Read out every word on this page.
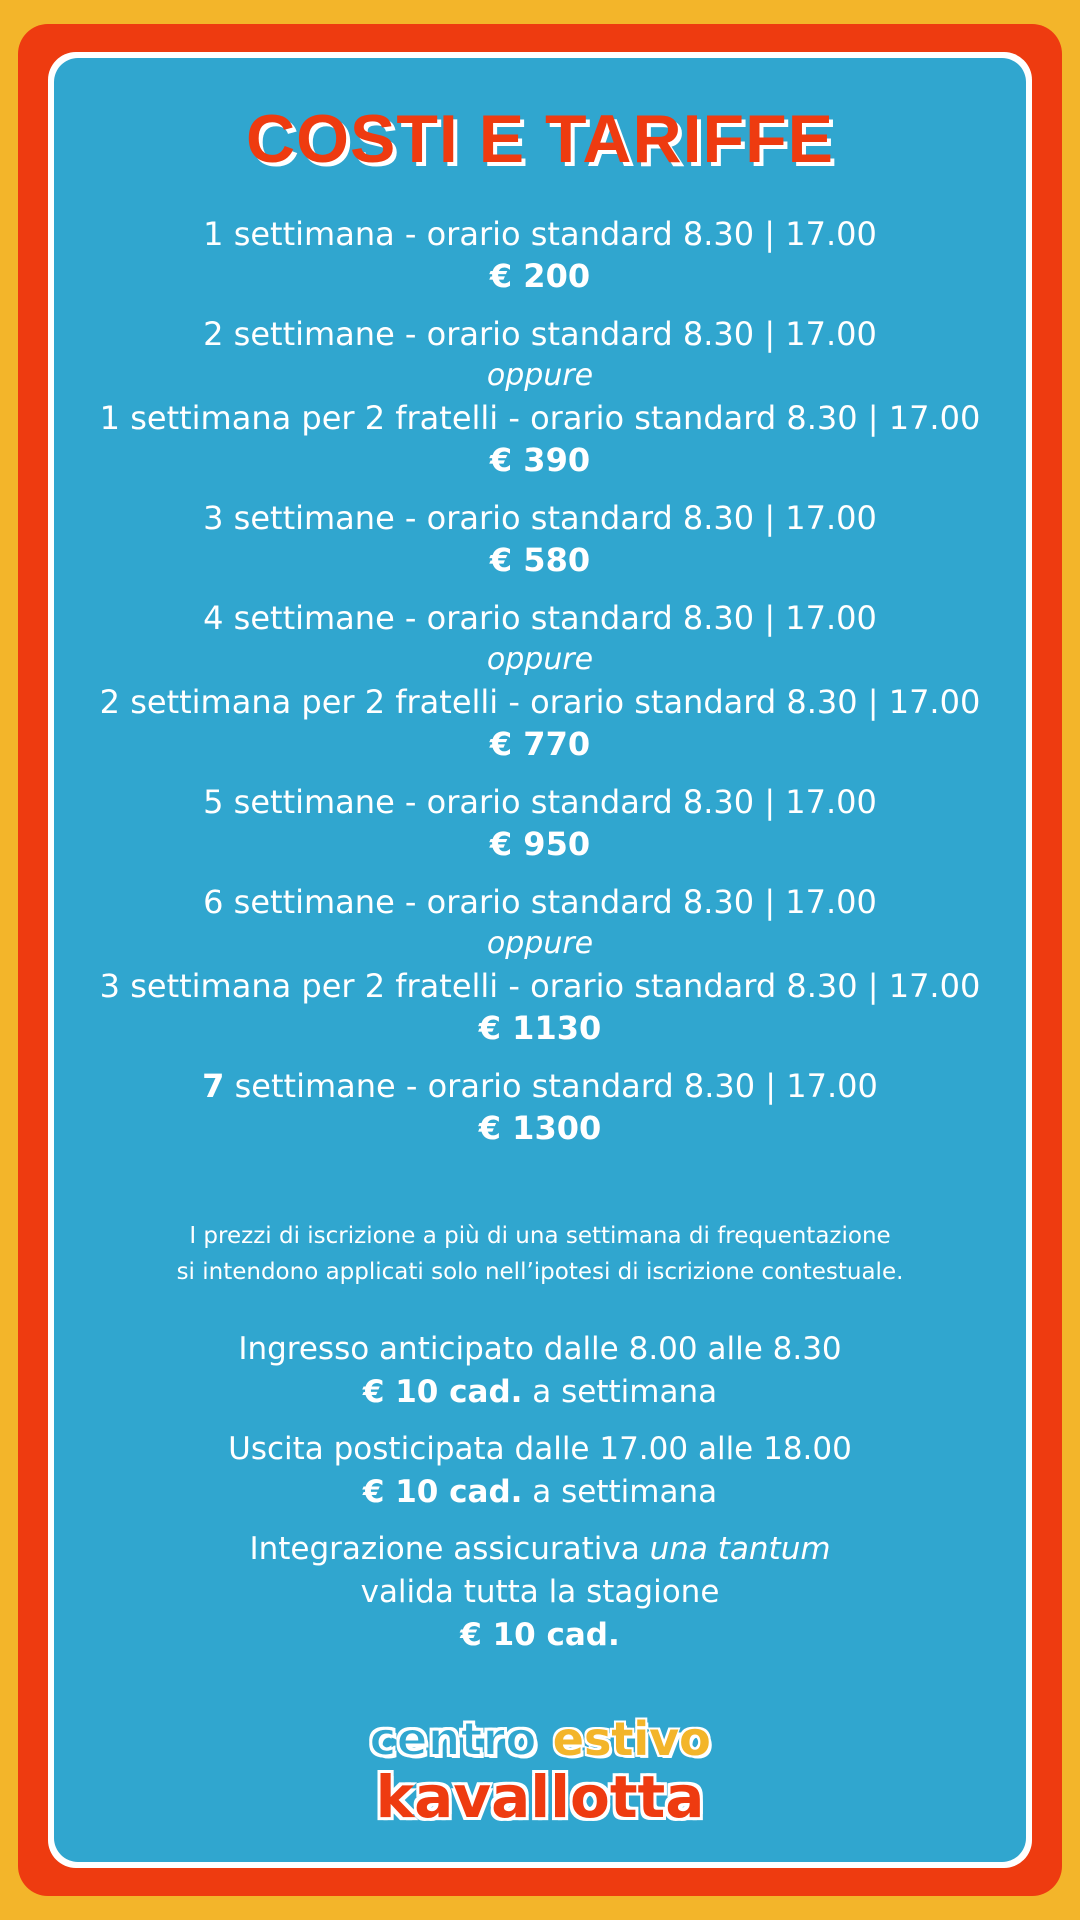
COSTI E TARIFFE
1 settimana - orario standard 8.30 | 17.00
€ 200
2 settimane - orario standard 8.30 | 17.00
oppure
1 settimana per 2 fratelli - orario standard 8.30 | 17.00
€ 390
3 settimane - orario standard 8.30 | 17.00
€ 580
4 settimane - orario standard 8.30 | 17.00
oppure
2 settimana per 2 fratelli - orario standard 8.30 | 17.00
€ 770
5 settimane - orario standard 8.30 | 17.00
€ 950
6 settimane - orario standard 8.30 | 17.00
oppure
3 settimana per 2 fratelli - orario standard 8.30 | 17.00
€ 1130
7 settimane - orario standard 8.30 | 17.00
€ 1300
I prezzi di iscrizione a più di una settimana di frequentazione
si intendono applicati solo nell’ipotesi di iscrizione contestuale.
Ingresso anticipato dalle 8.00 alle 8.30
€ 10 cad. a settimana
Uscita posticipata dalle 17.00 alle 18.00
€ 10 cad. a settimana
Integrazione assicurativa una tantum
valida tutta la stagione
€ 10 cad.
centro estivo
kavallotta
